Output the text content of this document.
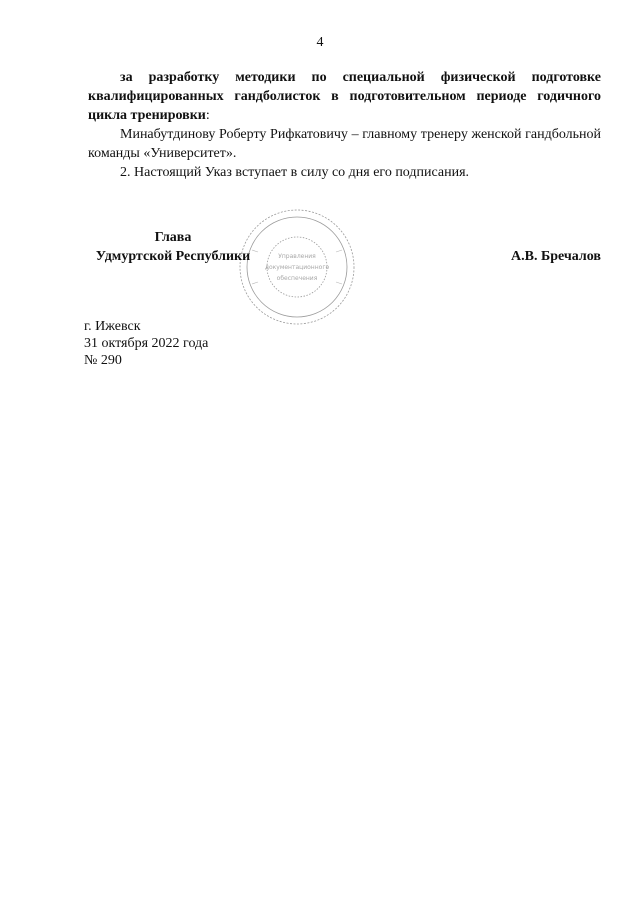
4

за разработку методики по специальной физической подготовке квалифицированных гандболисток в подготовительном периоде годичного цикла тренировки:

Минабутдинову Роберту Рифкатовичу – главному тренеру женской гандбольной команды «Университет».

2. Настоящий Указ вступает в силу со дня его подписания.

Управления
документационного
обеспечения
Глава
Удмуртской Республики	А.В. Бречалов
г. Ижевск
31 октября 2022 года
№ 290
